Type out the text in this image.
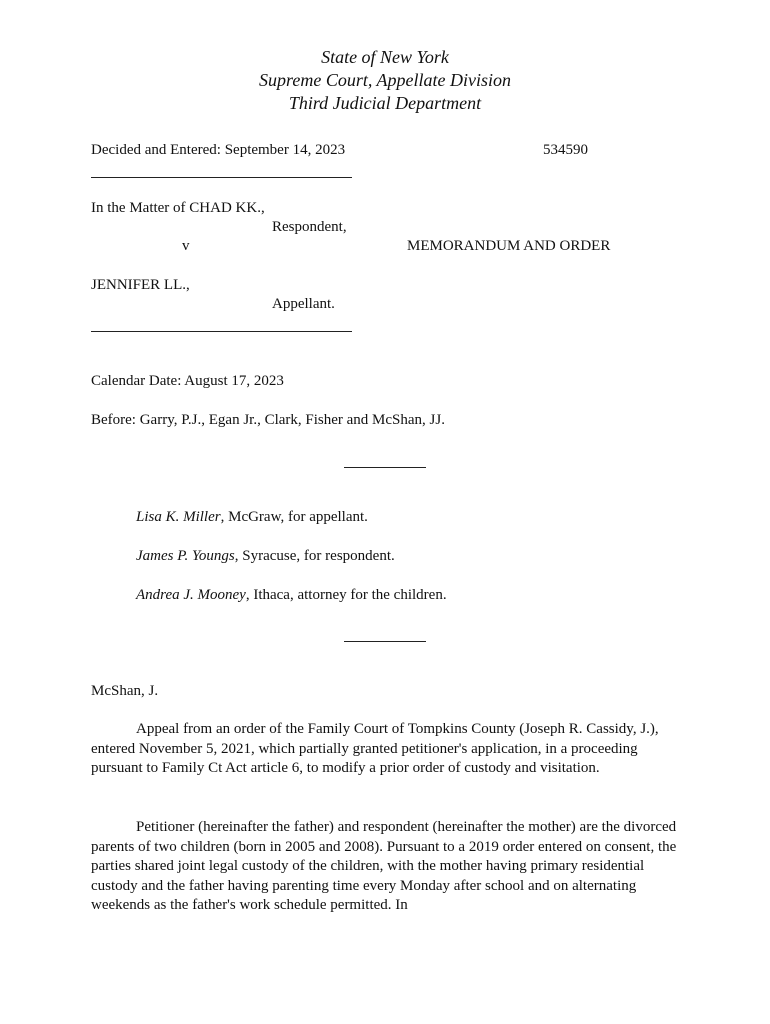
State of New York
Supreme Court, Appellate Division
Third Judicial Department
Decided and Entered: September 14, 2023	534590
In the Matter of CHAD KK.,
Respondent,
v	MEMORANDUM AND ORDER
JENNIFER LL.,
Appellant.
Calendar Date: August 17, 2023
Before: Garry, P.J., Egan Jr., Clark, Fisher and McShan, JJ.
Lisa K. Miller, McGraw, for appellant.
James P. Youngs, Syracuse, for respondent.
Andrea J. Mooney, Ithaca, attorney for the children.
McShan, J.
Appeal from an order of the Family Court of Tompkins County (Joseph R. Cassidy, J.), entered November 5, 2021, which partially granted petitioner's application, in a proceeding pursuant to Family Ct Act article 6, to modify a prior order of custody and visitation.
Petitioner (hereinafter the father) and respondent (hereinafter the mother) are the divorced parents of two children (born in 2005 and 2008). Pursuant to a 2019 order entered on consent, the parties shared joint legal custody of the children, with the mother having primary residential custody and the father having parenting time every Monday after school and on alternating weekends as the father's work schedule permitted. In
